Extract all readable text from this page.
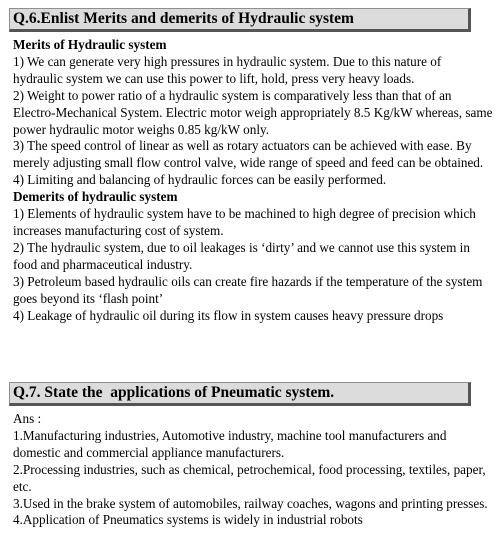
Q.6.Enlist Merits and demerits of Hydraulic system

Merits of Hydraulic system

1) We can generate very high pressures in hydraulic system. Due to this nature of hydraulic system we can use this power to lift, hold, press very heavy loads.

2) Weight to power ratio of a hydraulic system is comparatively less than that of an Electro-Mechanical System. Electric motor weigh appropriately 8.5 Kg/kW whereas, same power hydraulic motor weighs 0.85 kg/kW only.

3) The speed control of linear as well as rotary actuators can be achieved with ease. By merely adjusting small flow control valve, wide range of speed and feed can be obtained.

4) Limiting and balancing of hydraulic forces can be easily performed.

Demerits of hydraulic system

1) Elements of hydraulic system have to be machined to high degree of precision which increases manufacturing cost of system.

2) The hydraulic system, due to oil leakages is ‘dirty’ and we cannot use this system in food and pharmaceutical industry.

3) Petroleum based hydraulic oils can create fire hazards if the temperature of the system goes beyond its ‘flash point’

4) Leakage of hydraulic oil during its flow in system causes heavy pressure drops

Q.7. State the  applications of Pneumatic system.

Ans :

1.Manufacturing industries, Automotive industry, machine tool manufacturers and domestic and commercial appliance manufacturers.

2.Processing industries, such as chemical, petrochemical, food processing, textiles, paper, etc.

3.Used in the brake system of automobiles, railway coaches, wagons and printing presses.

4.Application of Pneumatics systems is widely in industrial robots
